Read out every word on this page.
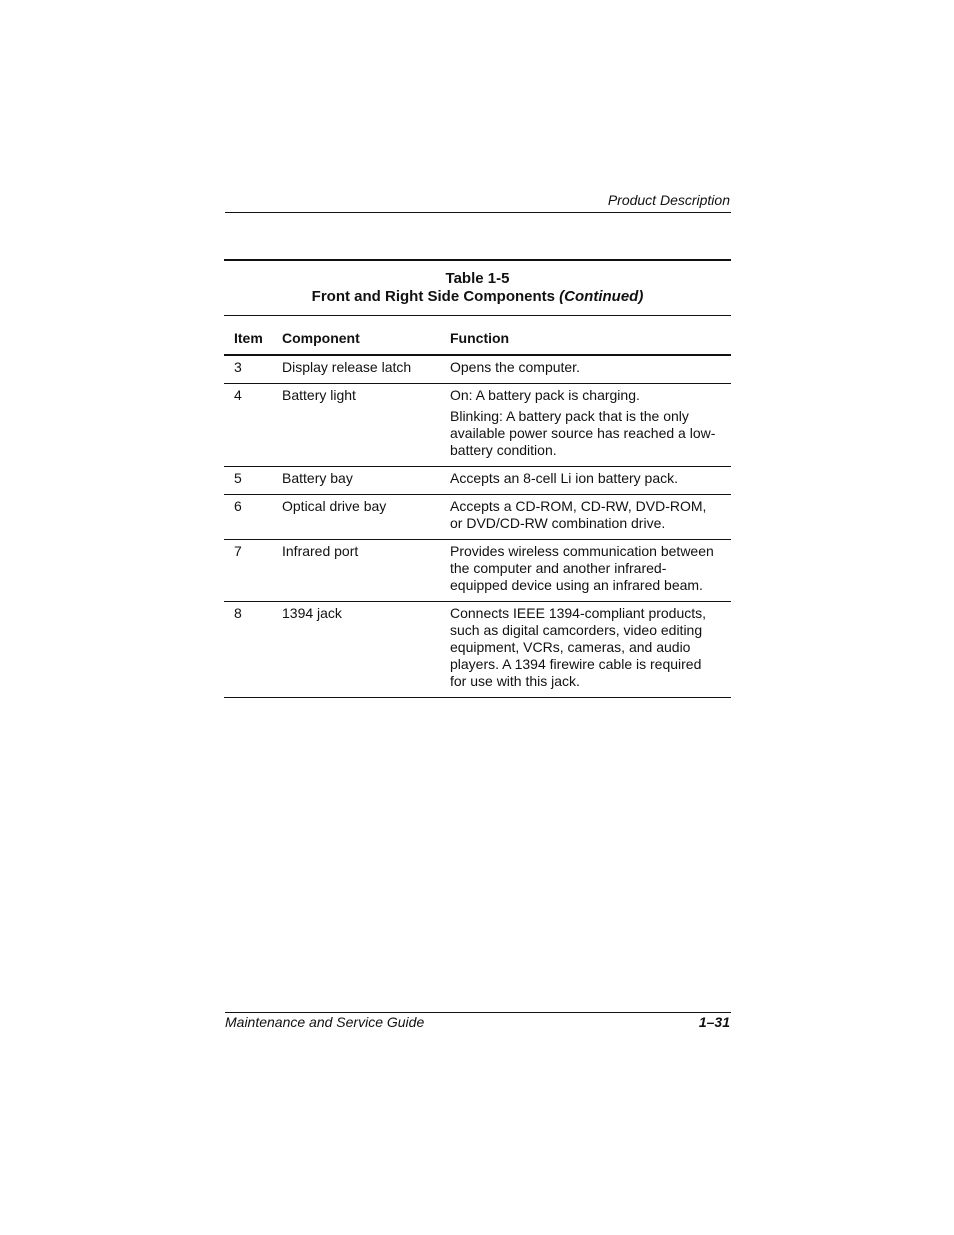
Product Description
Table 1-5
Front and Right Side Components (Continued)
Item	Component	Function
3	Display release latch	Opens the computer.

4	Battery light	On: A battery pack is charging.

Blinking: A battery pack that is the only available power source has reached a low-battery condition.

5	Battery bay	Accepts an 8-cell Li ion battery pack.

6	Optical drive bay	Accepts a CD-ROM, CD-RW, DVD-ROM, or DVD/CD-RW combination drive.

7	Infrared port	Provides wireless communication between the computer and another infrared-equipped device using an infrared beam.

8	1394 jack	Connects IEEE 1394-compliant products, such as digital camcorders, video editing equipment, VCRs, cameras, and audio players. A 1394 firewire cable is required for use with this jack.

Maintenance and Service Guide	1–31
